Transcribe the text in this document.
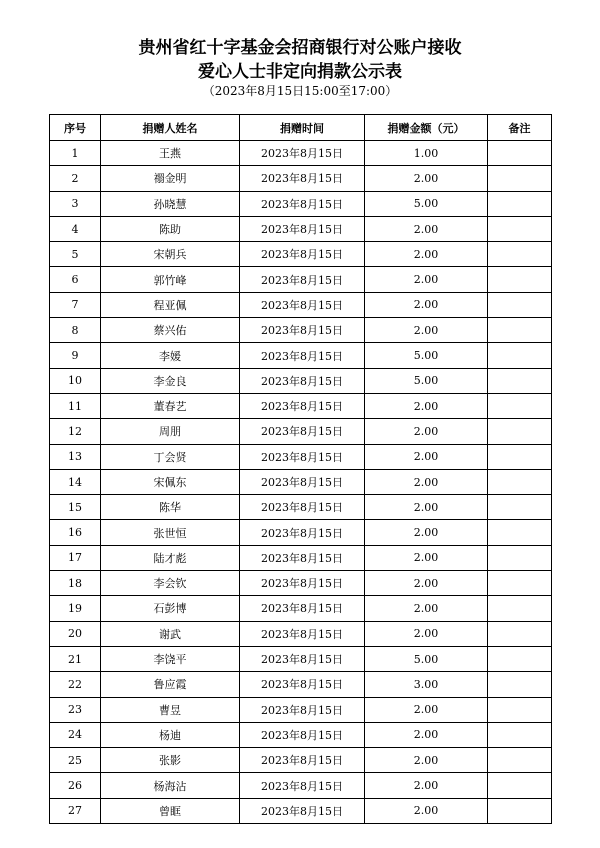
贵州省红十字基金会招商银行对公账户接收
爱心人士非定向捐款公示表
（2023年8月15日15:00至17:00）
序号	捐赠人姓名	捐赠时间	捐赠金额（元）	备注
1	王燕	2023年8月15日	1.00	
2	禤金明	2023年8月15日	2.00	
3	孙晓慧	2023年8月15日	5.00	
4	陈助	2023年8月15日	2.00	
5	宋朝兵	2023年8月15日	2.00	
6	郭竹峰	2023年8月15日	2.00	
7	程亚佩	2023年8月15日	2.00	
8	蔡兴佑	2023年8月15日	2.00	
9	李媛	2023年8月15日	5.00	
10	李金良	2023年8月15日	5.00	
11	董春艺	2023年8月15日	2.00	
12	周朋	2023年8月15日	2.00	
13	丁会贤	2023年8月15日	2.00	
14	宋佩东	2023年8月15日	2.00	
15	陈华	2023年8月15日	2.00	
16	张世恒	2023年8月15日	2.00	
17	陆才彪	2023年8月15日	2.00	
18	李会钦	2023年8月15日	2.00	
19	石彭博	2023年8月15日	2.00	
20	谢武	2023年8月15日	2.00	
21	李饶平	2023年8月15日	5.00	
22	鲁应霞	2023年8月15日	3.00	
23	曹昱	2023年8月15日	2.00	
24	杨迪	2023年8月15日	2.00	
25	张影	2023年8月15日	2.00	
26	杨海沾	2023年8月15日	2.00	
27	曾眶	2023年8月15日	2.00	
